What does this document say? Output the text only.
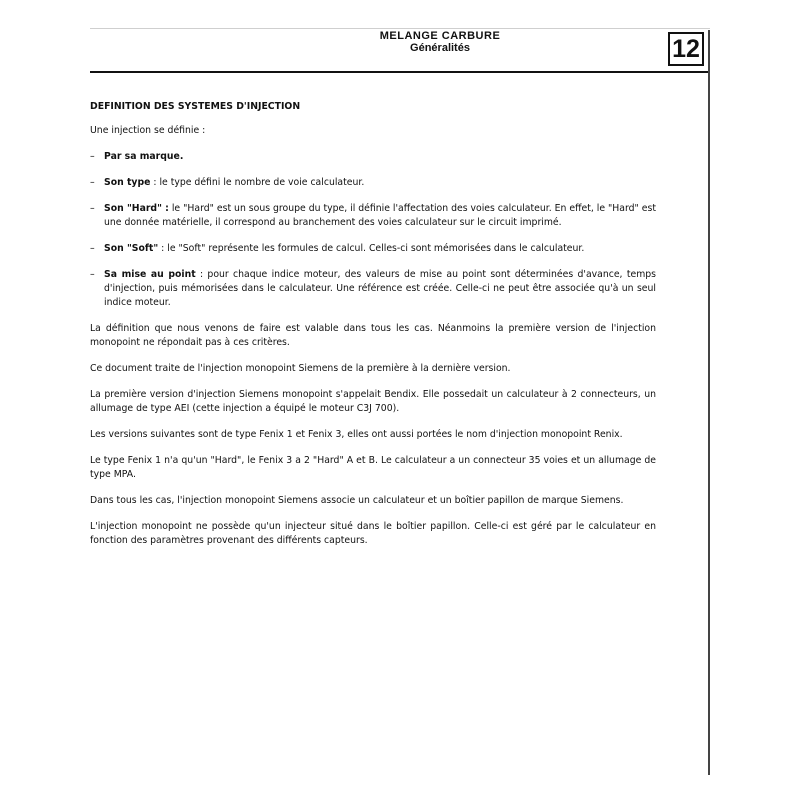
MELANGE CARBURE
Généralités	12
DEFINITION DES SYSTEMES D'INJECTION
Une injection se définie :
–	Par sa marque.
–	Son type : le type défini le nombre de voie calculateur.
–	Son "Hard" : le "Hard" est un sous groupe du type, il définie l'affectation des voies calculateur. En effet, le "Hard" est une donnée matérielle, il correspond au branchement des voies calculateur sur le circuit imprimé.
–	Son "Soft" : le "Soft" représente les formules de calcul. Celles-ci sont mémorisées dans le calculateur.
–	Sa mise au point : pour chaque indice moteur, des valeurs de mise au point sont déterminées d'avance, temps d'injection, puis mémorisées dans le calculateur. Une référence est créée. Celle-ci ne peut être associée qu'à un seul indice moteur.
La définition que nous venons de faire est valable dans tous les cas. Néanmoins la première version de l'injection monopoint ne répondait pas à ces critères.
Ce document traite de l'injection monopoint Siemens de la première à la dernière version.
La première version d'injection Siemens monopoint s'appelait Bendix. Elle possedait un calculateur à 2 connecteurs, un allumage de type AEI (cette injection a équipé le moteur C3J 700).
Les versions suivantes sont de type Fenix 1 et Fenix 3, elles ont aussi portées le nom d'injection monopoint Renix.
Le type Fenix 1 n'a qu'un "Hard", le Fenix 3 a 2 "Hard" A et B. Le calculateur a un connecteur 35 voies et un allumage de type MPA.
Dans tous les cas, l'injection monopoint Siemens associe un calculateur et un boîtier papillon de marque Siemens.
L'injection monopoint ne possède qu'un injecteur situé dans le boîtier papillon. Celle-ci est géré par le calculateur en fonction des paramètres provenant des différents capteurs.
